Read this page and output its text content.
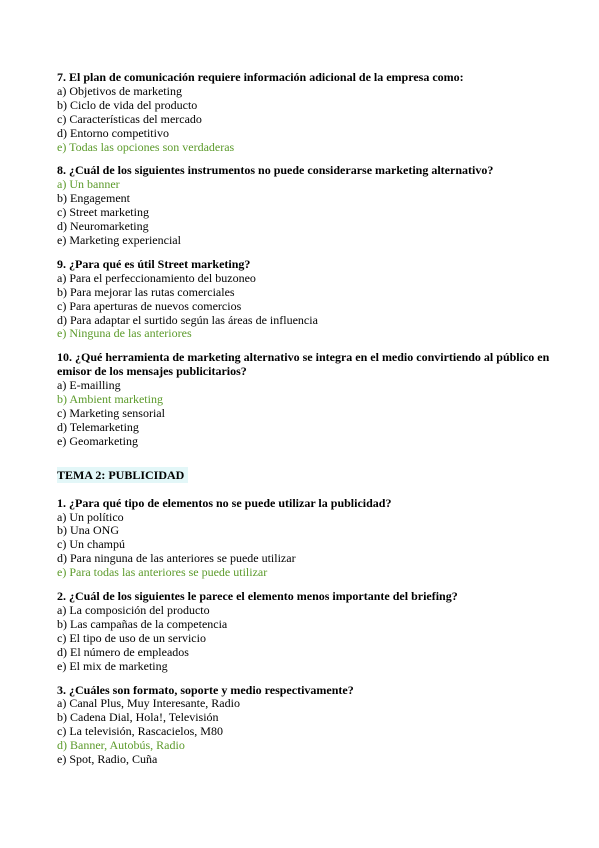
7. El plan de comunicación requiere información adicional de la empresa como:

a) Objetivos de marketing
b) Ciclo de vida del producto
c) Características del mercado
d) Entorno competitivo
e) Todas las opciones son verdaderas

8. ¿Cuál de los siguientes instrumentos no puede considerarse marketing alternativo?

a) Un banner
b) Engagement
c) Street marketing
d) Neuromarketing
e) Marketing experiencial

9. ¿Para qué es útil Street marketing?

a) Para el perfeccionamiento del buzoneo
b) Para mejorar las rutas comerciales
c) Para aperturas de nuevos comercios
d) Para adaptar el surtido según las áreas de influencia
e) Ninguna de las anteriores

10. ¿Qué herramienta de marketing alternativo se integra en el medio convirtiendo al público en emisor de los mensajes publicitarios?

a) E-mailling
b) Ambient marketing
c) Marketing sensorial
d) Telemarketing
e) Geomarketing
TEMA 2: PUBLICIDAD

1. ¿Para qué tipo de elementos no se puede utilizar la publicidad?

a) Un político
b) Una ONG
c) Un champú
d) Para ninguna de las anteriores se puede utilizar
e) Para todas las anteriores se puede utilizar

2. ¿Cuál de los siguientes le parece el elemento menos importante del briefing?

a) La composición del producto
b) Las campañas de la competencia
c) El tipo de uso de un servicio
d) El número de empleados
e) El mix de marketing

3. ¿Cuáles son formato, soporte y medio respectivamente?

a) Canal Plus, Muy Interesante, Radio
b) Cadena Dial, Hola!, Televisión
c) La televisión, Rascacielos, M80
d) Banner, Autobús, Radio
e) Spot, Radio, Cuña
